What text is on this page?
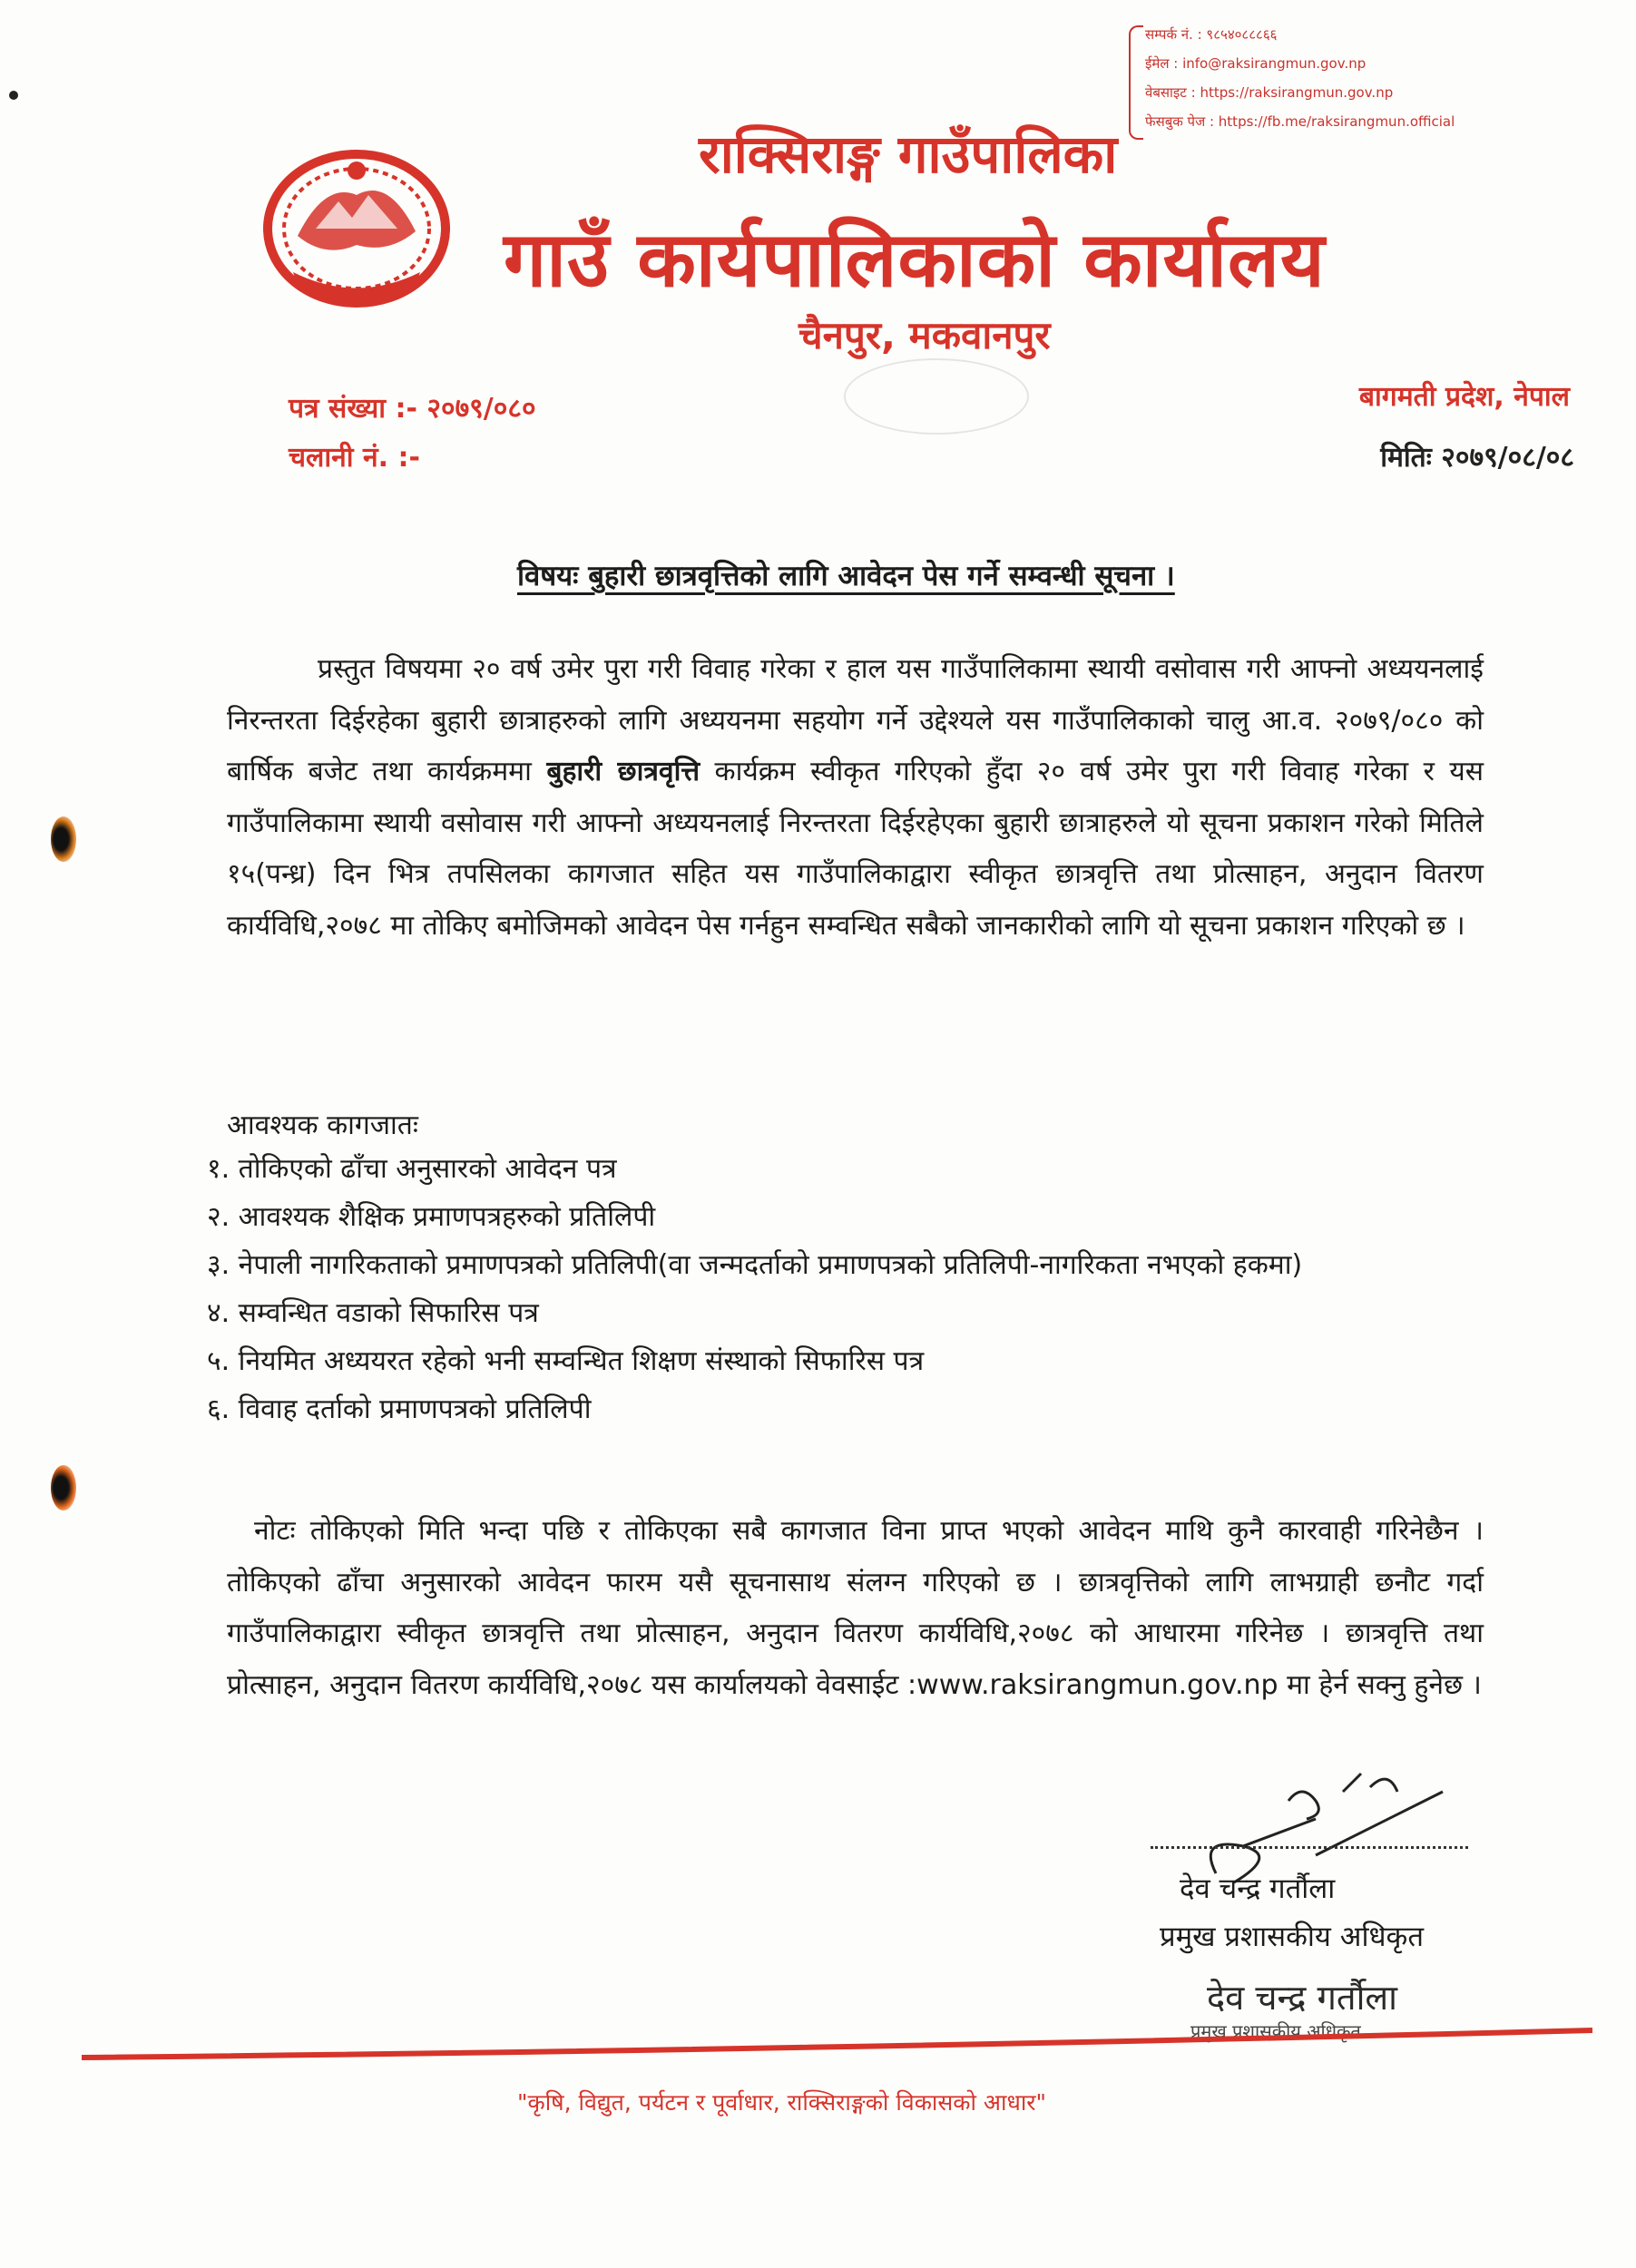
सम्पर्क नं. : ९८५४०८८८६६
ईमेल : info@raksirangmun.gov.np
वेबसाइट : https://raksirangmun.gov.np
फेसबुक पेज : https://fb.me/raksirangmun.official
राक्सिराङ्ग गाउँपालिका
गाउँ कार्यपालिकाको कार्यालय
चैनपुर, मकवानपुर
बागमती प्रदेश, नेपाल
पत्र संख्या :- २०७९/०८०
चलानी नं. :-	मितिः २०७९/०८/०८
विषयः बुहारी छात्रवृत्तिको लागि आवेदन पेस गर्ने सम्वन्धी सूचना ।
प्रस्तुत विषयमा २० वर्ष उमेर पुरा गरी विवाह गरेका र हाल यस गाउँपालिकामा स्थायी वसोवास गरी आफ्नो अध्ययनलाई निरन्तरता दिईरहेका बुहारी छात्राहरुको लागि अध्ययनमा सहयोग गर्ने उद्देश्यले यस गाउँपालिकाको चालु आ.व. २०७९/०८० को बार्षिक बजेट तथा कार्यक्रममा बुहारी छात्रवृत्ति कार्यक्रम स्वीकृत गरिएको हुँदा २० वर्ष उमेर पुरा गरी विवाह गरेका र यस गाउँपालिकामा स्थायी वसोवास गरी आफ्नो अध्ययनलाई निरन्तरता दिईरहेएका बुहारी छात्राहरुले यो सूचना प्रकाशन गरेको मितिले १५(पन्ध्र) दिन भित्र तपसिलका कागजात सहित यस गाउँपालिकाद्वारा स्वीकृत छात्रवृत्ति तथा प्रोत्साहन, अनुदान वितरण कार्यविधि,२०७८ मा तोकिए बमोजिमको आवेदन पेस गर्नहुन सम्वन्धित सबैको जानकारीको लागि यो सूचना प्रकाशन गरिएको छ ।
आवश्यक कागजातः
१. तोकिएको ढाँचा अनुसारको आवेदन पत्र
२. आवश्यक शैक्षिक प्रमाणपत्रहरुको प्रतिलिपी
३. नेपाली नागरिकताको प्रमाणपत्रको प्रतिलिपी(वा जन्मदर्ताको प्रमाणपत्रको प्रतिलिपी-नागरिकता नभएको हकमा)
४. सम्वन्धित वडाको सिफारिस पत्र
५. नियमित अध्ययरत रहेको भनी सम्वन्धित शिक्षण संस्थाको सिफारिस पत्र
६. विवाह दर्ताको प्रमाणपत्रको प्रतिलिपी
नोटः तोकिएको मिति भन्दा पछि र तोकिएका सबै कागजात विना प्राप्त भएको आवेदन माथि कुनै कारवाही गरिनेछैन । तोकिएको ढाँचा अनुसारको आवेदन फारम यसै सूचनासाथ संलग्न गरिएको छ । छात्रवृत्तिको लागि लाभग्राही छनौट गर्दा गाउँपालिकाद्वारा स्वीकृत छात्रवृत्ति तथा प्रोत्साहन, अनुदान वितरण कार्यविधि,२०७८ को आधारमा गरिनेछ । छात्रवृत्ति तथा प्रोत्साहन, अनुदान वितरण कार्यविधि,२०७८ यस कार्यालयको वेवसाईट :www.raksirangmun.gov.np मा हेर्न सक्नु हुनेछ ।
देव चन्द्र गर्तौला
प्रमुख प्रशासकीय अधिकृत
देव चन्द्र गर्तौला
प्रमुख प्रशासकीय अधिकृत
"कृषि, विद्युत, पर्यटन र पूर्वाधार, राक्सिराङ्गको विकासको आधार"
